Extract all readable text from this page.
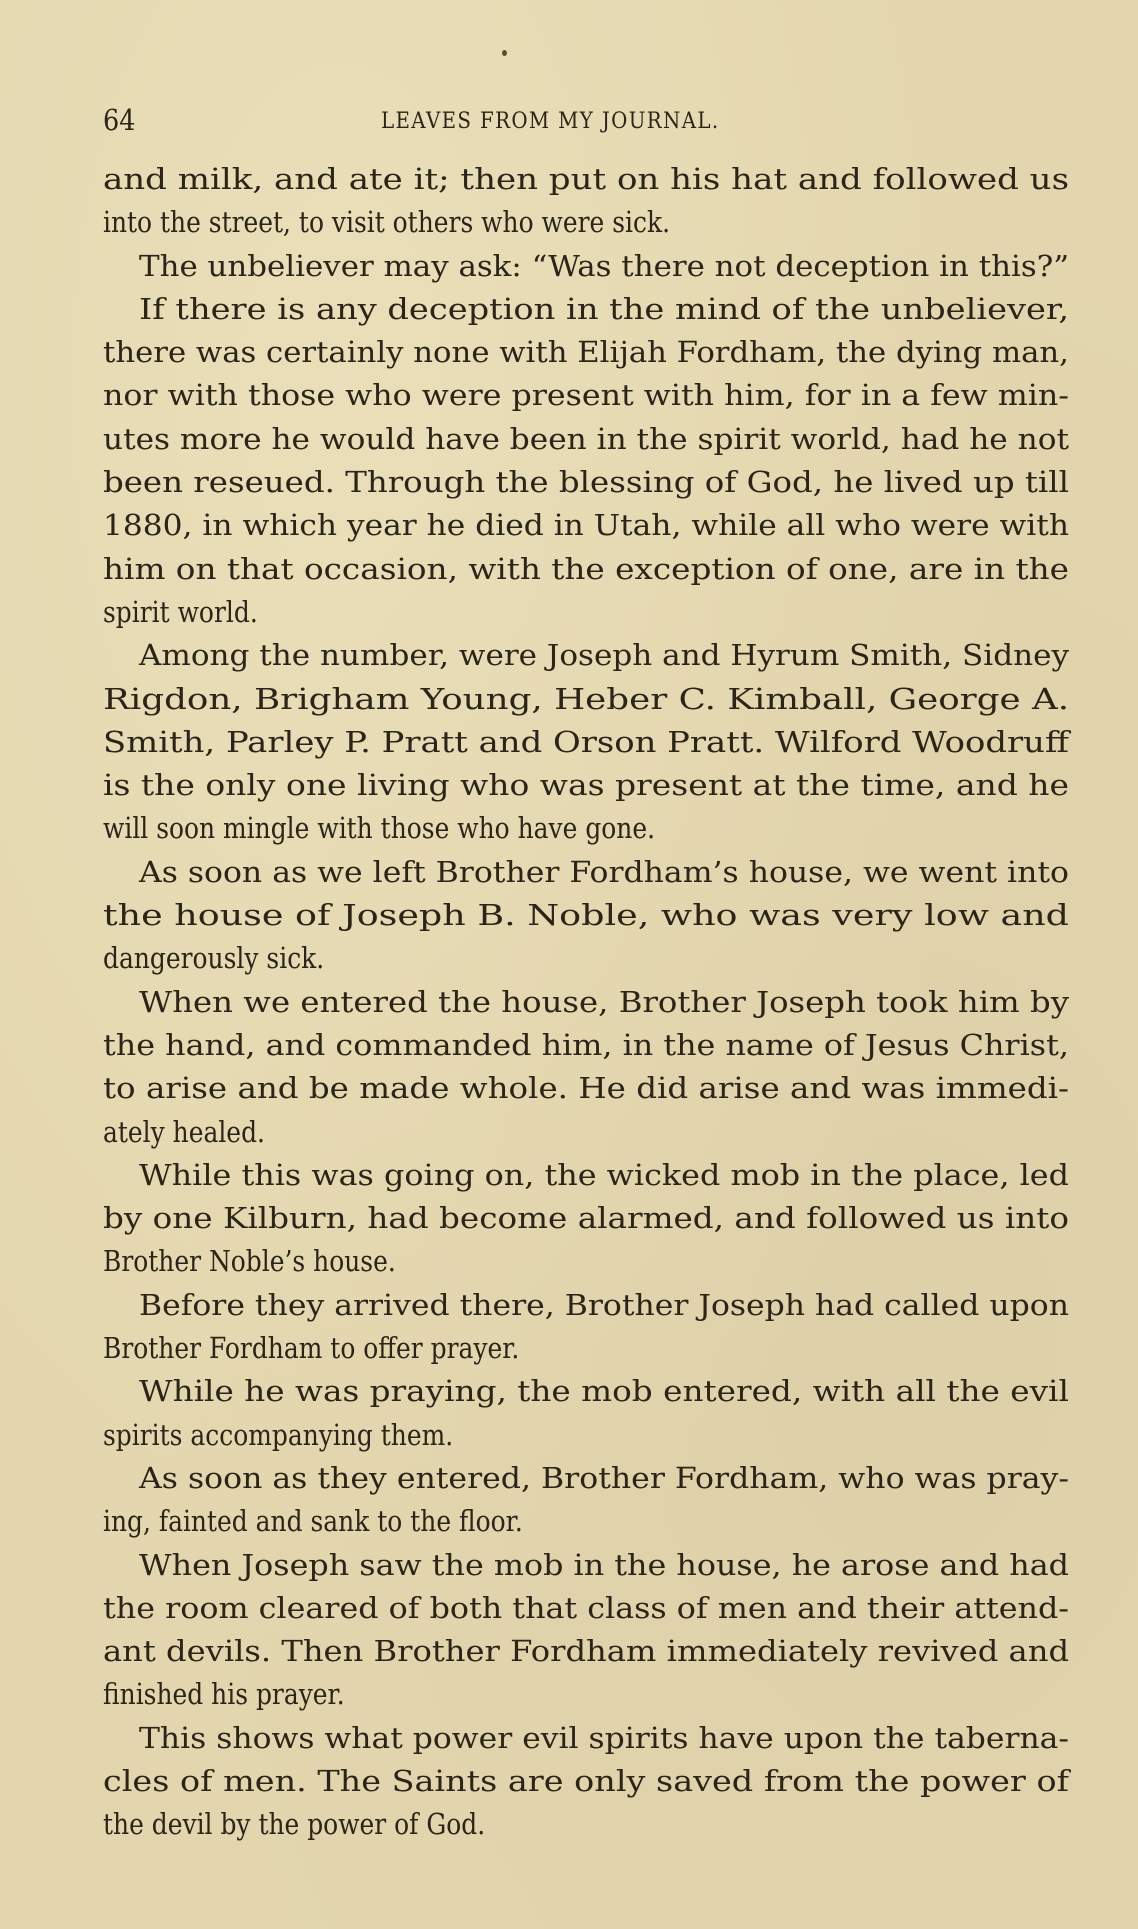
64	LEAVES FROM MY JOURNAL.
and milk, and ate it; then put on his hat and followed us
into the street, to visit others who were sick.
The unbeliever may ask: “Was there not deception in this?”
If there is any deception in the mind of the unbeliever,
there was certainly none with Elijah Fordham, the dying man,
nor with those who were present with him, for in a few min-
utes more he would have been in the spirit world, had he not
been reseued. Through the blessing of God, he lived up till
1880, in which year he died in Utah, while all who were with
him on that occasion, with the exception of one, are in the
spirit world.
Among the number, were Joseph and Hyrum Smith, Sidney
Rigdon, Brigham Young, Heber C. Kimball, George A.
Smith, Parley P. Pratt and Orson Pratt. Wilford Woodruff
is the only one living who was present at the time, and he
will soon mingle with those who have gone.
As soon as we left Brother Fordham’s house, we went into
the house of Joseph B. Noble, who was very low and
dangerously sick.
When we entered the house, Brother Joseph took him by
the hand, and commanded him, in the name of Jesus Christ,
to arise and be made whole. He did arise and was immedi-
ately healed.
While this was going on, the wicked mob in the place, led
by one Kilburn, had become alarmed, and followed us into
Brother Noble’s house.
Before they arrived there, Brother Joseph had called upon
Brother Fordham to offer prayer.
While he was praying, the mob entered, with all the evil
spirits accompanying them.
As soon as they entered, Brother Fordham, who was pray-
ing, fainted and sank to the floor.
When Joseph saw the mob in the house, he arose and had
the room cleared of both that class of men and their attend-
ant devils. Then Brother Fordham immediately revived and
finished his prayer.
This shows what power evil spirits have upon the taberna-
cles of men. The Saints are only saved from the power of
the devil by the power of God.
